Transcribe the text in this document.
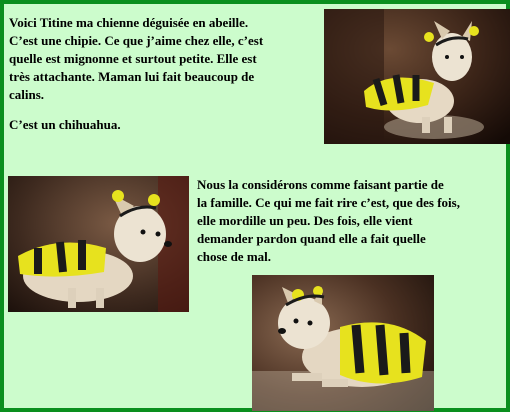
Voici Titine ma chienne déguisée en abeille.
C’est une chipie. Ce que j’aime chez elle, c’est
quelle est mignonne et surtout petite. Elle est
très attachante. Maman lui fait beaucoup de
calins.
C’est un chihuahua.
Nous la considérons comme faisant partie de
la famille. Ce qui me fait rire c’est, que des fois,
elle mordille un peu. Des fois, elle vient
demander pardon quand elle a fait quelle
chose de mal.
